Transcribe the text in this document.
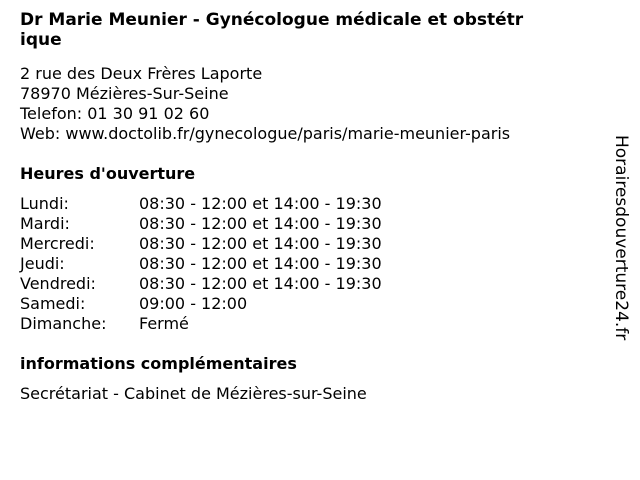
Dr Marie Meunier - Gynécologue médicale et obstétr
ique
2 rue des Deux Frères Laporte
78970 Mézières-Sur-Seine
Telefon: 01 30 91 02 60
Web: www.doctolib.fr/gynecologue/paris/marie-meunier-paris
Heures d'ouverture
Lundi:	08:30 - 12:00 et 14:00 - 19:30
Mardi:	08:30 - 12:00 et 14:00 - 19:30
Mercredi:	08:30 - 12:00 et 14:00 - 19:30
Jeudi:	08:30 - 12:00 et 14:00 - 19:30
Vendredi:	08:30 - 12:00 et 14:00 - 19:30
Samedi:	09:00 - 12:00
Dimanche: Fermé
informations complémentaires
Secrétariat - Cabinet de Mézières-sur-Seine
Horairesdouverture24.fr
